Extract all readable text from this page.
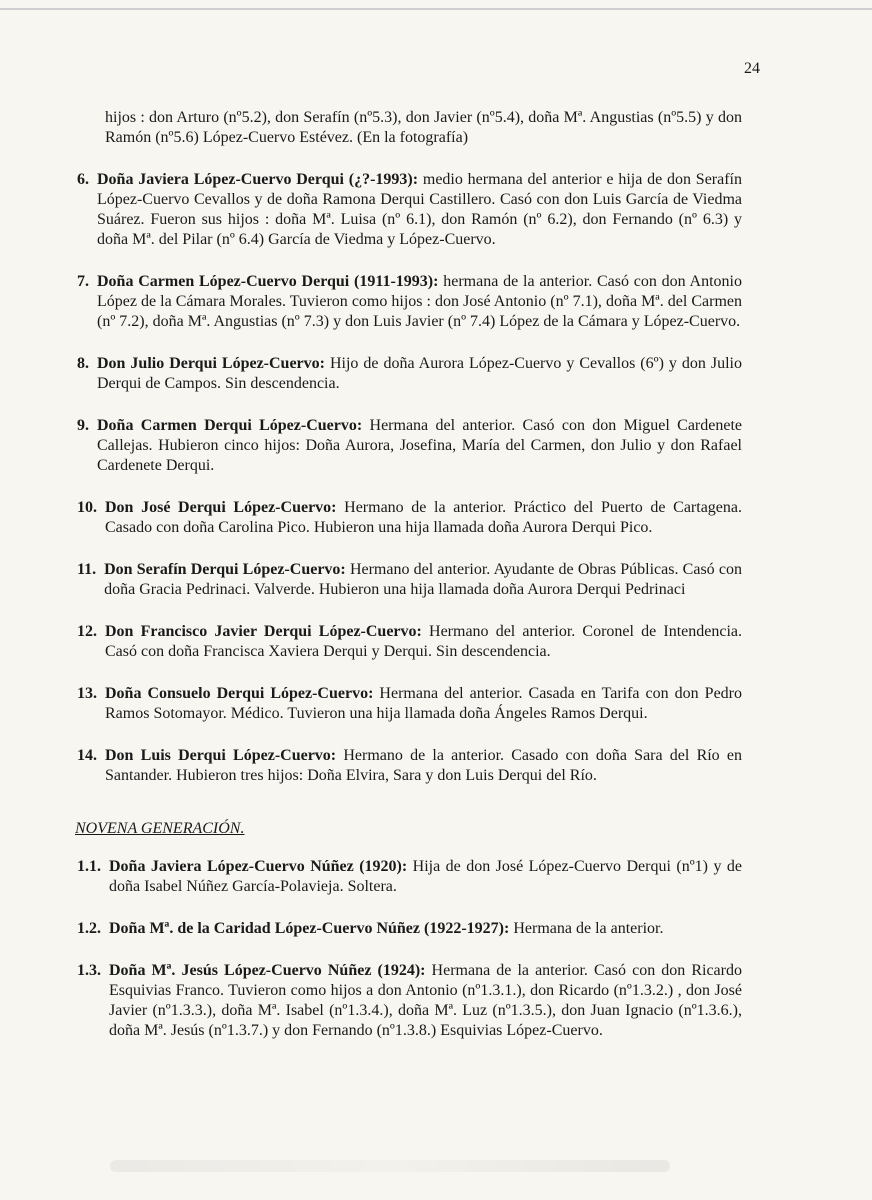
24
hijos : don Arturo (nº5.2), don Serafín (nº5.3), don Javier (nº5.4), doña Mª. Angustias (nº5.5) y don Ramón (nº5.6) López-Cuervo Estévez. (En la fotografía)
6. Doña Javiera López-Cuervo Derqui (¿?-1993): medio hermana del anterior e hija de don Serafín López-Cuervo Cevallos y de doña Ramona Derqui Castillero. Casó con don Luis García de Viedma Suárez. Fueron sus hijos : doña Mª. Luisa (nº 6.1), don Ramón (nº 6.2), don Fernando (nº 6.3) y doña Mª. del Pilar (nº 6.4) García de Viedma y López-Cuervo.
7. Doña Carmen López-Cuervo Derqui (1911-1993): hermana de la anterior. Casó con don Antonio López de la Cámara Morales. Tuvieron como hijos : don José Antonio (nº 7.1), doña Mª. del Carmen (nº 7.2), doña Mª. Angustias (nº 7.3) y don Luis Javier (nº 7.4) López de la Cámara y López-Cuervo.
8. Don Julio Derqui López-Cuervo: Hijo de doña Aurora López-Cuervo y Cevallos (6º) y don Julio Derqui de Campos. Sin descendencia.
9. Doña Carmen Derqui López-Cuervo: Hermana del anterior. Casó con don Miguel Cardenete Callejas. Hubieron cinco hijos: Doña Aurora, Josefina, María del Carmen, don Julio y don Rafael Cardenete Derqui.
10. Don José Derqui López-Cuervo: Hermano de la anterior. Práctico del Puerto de Cartagena. Casado con doña Carolina Pico. Hubieron una hija llamada doña Aurora Derqui Pico.
11. Don Serafín Derqui López-Cuervo: Hermano del anterior. Ayudante de Obras Públicas. Casó con doña Gracia Pedrinaci. Valverde. Hubieron una hija llamada doña Aurora Derqui Pedrinaci
12. Don Francisco Javier Derqui López-Cuervo: Hermano del anterior. Coronel de Intendencia. Casó con doña Francisca Xaviera Derqui y Derqui. Sin descendencia.
13. Doña Consuelo Derqui López-Cuervo: Hermana del anterior. Casada en Tarifa con don Pedro Ramos Sotomayor. Médico. Tuvieron una hija llamada doña Ángeles Ramos Derqui.
14. Don Luis Derqui López-Cuervo: Hermano de la anterior. Casado con doña Sara del Río en Santander. Hubieron tres hijos: Doña Elvira, Sara y don Luis Derqui del Río.
NOVENA GENERACIÓN.
1.1. Doña Javiera López-Cuervo Núñez (1920): Hija de don José López-Cuervo Derqui (nº1) y de doña Isabel Núñez García-Polavieja. Soltera.
1.2. Doña Mª. de la Caridad López-Cuervo Núñez (1922-1927): Hermana de la anterior.
1.3. Doña Mª. Jesús López-Cuervo Núñez (1924): Hermana de la anterior. Casó con don Ricardo Esquivias Franco. Tuvieron como hijos a don Antonio (nº1.3.1.), don Ricardo (nº1.3.2.) , don José Javier (nº1.3.3.), doña Mª. Isabel (nº1.3.4.), doña Mª. Luz (nº1.3.5.), don Juan Ignacio (nº1.3.6.), doña Mª. Jesús (nº1.3.7.) y don Fernando (nº1.3.8.) Esquivias López-Cuervo.
